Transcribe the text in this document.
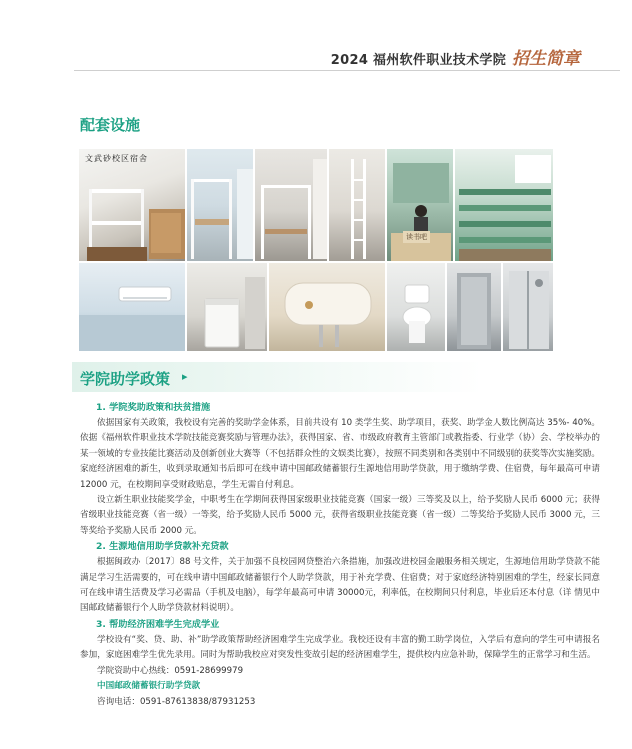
2024 福州软件职业技术学院 招生简章
配套设施
文武砂校区宿舍
读书吧
学院助学政策 ▸
1. 学院奖助政策和扶贫措施

依据国家有关政策，我校设有完善的奖助学金体系，目前共设有 10 类学生奖、助学项目，获奖、助学金人数比例高达 35%- 40%。依据《福州软件职业技术学院技能竞赛奖励与管理办法》，获得国家、省、市级政府教育主管部门或教指委、行业学（协）会、学校举办的某一领域的专业技能比赛活动及创新创业大赛等（不包括群众性的文娱类比赛），按照不同类别和各类别中不同级别的获奖等次实施奖励。家庭经济困难的新生，收到录取通知书后即可在线申请中国邮政储蓄银行生源地信用助学贷款，用于缴纳学费、住宿费，每年最高可申请 12000 元，在校期间享受财政贴息，学生无需自付利息。

设立新生职业技能奖学金，中职考生在学期间获得国家级职业技能竞赛（国家一级）三等奖及以上，给予奖励人民币 6000 元；获得省级职业技能竞赛（省一级）一等奖，给予奖励人民币 5000 元，获得省级职业技能竞赛（省一级）二等奖给予奖励人民币 3000 元，三等奖给予奖励人民币 2000 元。

2. 生源地信用助学贷款补充贷款

根据闽政办〔2017〕88 号文件，关于加强不良校园网贷整治六条措施，加强改进校园金融服务相关规定，生源地信用助学贷款不能满足学习生活需要的，可在线申请中国邮政储蓄银行个人助学贷款，用于补充学费、住宿费；对于家庭经济特别困难的学生，经家长同意可在线申请生活费及学习必需品（手机及电脑），每学年最高可申请 30000元，利率低，在校期间只付利息，毕业后还本付息（详 情见中国邮政储蓄银行个人助学贷款材料说明）。

3. 帮助经济困难学生完成学业

学校设有“奖、贷、助、补”助学政策帮助经济困难学生完成学业。我校还设有丰富的勤工助学岗位，入学后有意向的学生可申请报名参加，家庭困难学生优先录用。同时为帮助我校应对突发性变故引起的经济困难学生，提供校内应急补助，保障学生的正常学习和生活。

学院资助中心热线：0591-28699979
中国邮政储蓄银行助学贷款
咨询电话：0591-87613838/87931253
